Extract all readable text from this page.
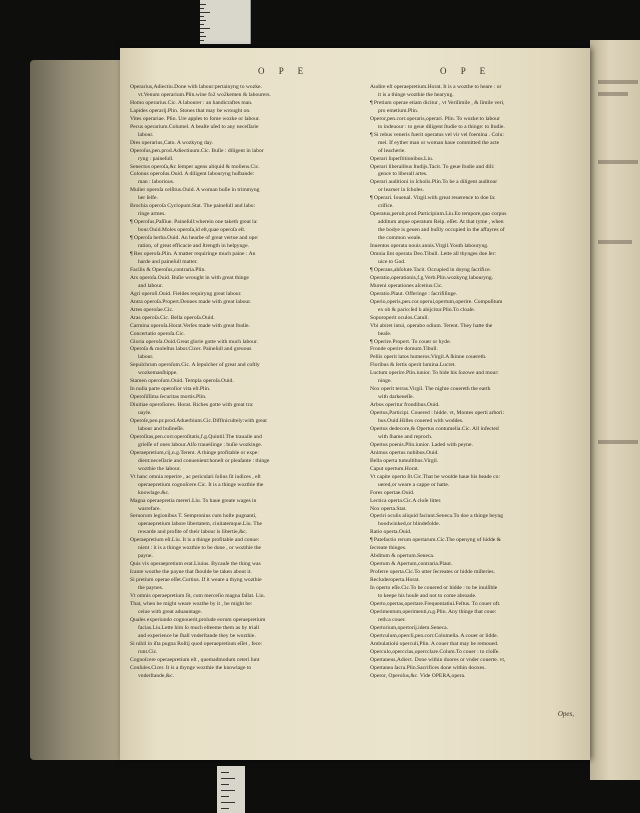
O P E	O P E

Operarius,Adiectiu.Done with labour:pertainyng to wozke.

vt.Venum operarium.Plin.wine fo2 wo2kemen & labourers.

Homo operarius.Cic. A labourer : an handicraftes man.

Lapides operarij.Plin. Stones that may be wrought on.

Vites operariae. Plin. Ure apples to fome wozke or labour.

Pecus operarium.Columel. A beaſte uſed to any neceſſarie

labour.

Dies operarius,Cato. A wozkyng day.

Operoſus,pen.prod.Adiectiuum.Cic. Buſie : diligent in labor

ryng : paineſull.

Senectus operoſa,&c ſemper agens aliquid & moliens.Cic.

Colonus operoſus.Ouid. A diligent labouryng huſbande:

man : laborious.

Mulier operoſa celſitus.Ouid. A woman buſie in trimmyng

her ſelfe.

Brochia operoſa Cyclopum.Stat. The paineſull and labo:

ringe armes.

¶ Operoſus,Paſſiue. Paineſull:wherein one taketh great la:

bour.Ouid.Moles operoſa,id eſt,quae operoſa eſt.

¶ Operoſa herba.Ouid. An hearbe of great vertue and ope:

ration, of great efficacie and ſtrength in helpynge.

¶ Res operoſa.Plin. A matter requiringe much paine : An

harde and paineſull matter.

Facilis & Operoſus,contraria.Plin.

Ars operoſa.Ouid. Buſie wrought in with great thinge

and labour.

Agri operoſi.Ouid. Fieldes requiryng great labour.

Antra operoſa.Propert.Dennes made with great labour.

Artes operoſae.Cic.

Aras operoſa.Cic. Bella operoſa.Ouid.

Carmina operoſa.Horat.Verſes made with great ſtudie.

Concertatio operoſa.Cic.

Gloria operoſa.Ouid.Great glorie gotte with much labour.

Operoſa & moleſtus labor.Cicer. Paineſull and greuous

labour.

Sepulchrum operoſum.Cic. A ſepulcher of great and coſtly

wozkemanſhippe.

Stamen operoſum.Ouid. Templa operoſa.Ouid.

In nulla parte operoſior vita eſt.Plin.

Operoſiſſima ſecuritas mortis.Plin.

Diuitiae operoſiores. Horat. Riches gotte with great tra:

uayle.

Operoſe,pen.pr.prod.Aduerbium.Cic.Diffinicultely:with great

labour and buſineſſe.

Operoſitas,pen.corr.operoſitatis,f.g.Quintil.The trauaile and

grieſſe of ones labour.Alſo traueilinge : buſie wozkinge.

Operaepretium,cij,n.g.Terent. A thinge profitable or expe:

dient:neceſſarie and conuenient:honeſt or pleaſante : thinge

wozthie the labour.

Vt hanc omnia reperire , ac periculari ſolius ſit iudices , eſt

operaepretium cognoſcere.Cic. It is a thinge wozthie the

knowlage.&c.

Magna operaepretia mereri.Liu. To haue greate wages in

warrefare.

Seruorum legionibus T. Sempronius cum hoſte pugnanti,

operaepretium labore libertatem, ciuitatemque.Liu. The

rewarde and profite of their labour is libertie,&c.

Operaepretium eſt.Liu. It is a thinge profitable and conue:

nient : it is a thinge wozthie to be done , or wozthie the

payne.

Quis vix operaepretium erat.Liuius. Bycauſe the thing was

ſcante wozthe the payne that ſhoulde be taken about it.

Si pretium operae eſſet.Curtius. If it weare a thyng wozthie

the paynes.

Vt omnis operaepretium ſit, cum merceſio magna fallat. Liu.

That, when he might weare wozthe by it , he might be:

ceiue with great aduauntage.

Quales experiundo cognouerit,prolude eorum operaepretium

facias.Liu.Lette him ſo much eſteeme them as by triall

and experience he ſhall vnderſtande they be wozthie.

Si nihil in iſta pugna Roſtij quod operaepretium eſſet , fece:

runt.Cic.

Cognoſcere operaepretium eſt , quemadmodum ceteri ſunt

Conſules.Cicer. It is a thynge wozthie the knowlage to

vnderſtande,&c.

Audire eſt operaepretium.Horat. It is a wozthe to heare : or

it is a thinge wozthie the hearyng.

¶ Pretium operae etiam dicitur , vt Veriſimile , & ſimile veri,

pro emetium.Plin.

Operor,pen.corr.operaris,operari. Plin. To wozke:to labour

to indeuour : to geue diligent ſtudie to a thinge: to ſtudie.

¶ Si rebus veneris fuerit operatus vel vir vel foemina . Colu:

mel. If eyther man or woman haue committed the acte

of leacherie.

Operari ſuperſtitionibus.Liu.

Operari liberalibus ſtudijs.Tacit. To geue ſtudie and dili:

gence to liberall artes.

Operari auditioni in ſcholis.Plin.To be a diligent auditour

or learner in ſcholes.

¶ Operari. Iouenal. Virgil.with great reuerence to doe ſa:

crifice.

Operatus,perult.prod.Participium.Liu.Eo tempore,quo corpus

additum atque operatum Reip. eſſet. At that tyme , when

the bodye is geuen and buſily occupied in the affayres of

the common weale.

Inuentus operata nouis annis.Virgil.Youth labouryng.

Omnia ſint operata Deo.Tibull. Lette all thynges doe ſer:

uice to God.

¶ Operans,abſolute.Tacit. Occupied in doyng ſacrifice.

Operatio,operationis,f.g.Verb.Plin.wozkyng labouryng.

Mureni operationes aſcetius.Cic.

Operatio.Plaut. Offeringe : ſacrifiſinge.

Operio,operis,pen.cor.operui,opertum,operire. Compoſitum

ex ob & pario:ſed h abijcitur.Plin.To cloaſe.

Soporoperit oculos.Catull.

Vbi abiret intui, operabo odium. Terent. They hatte the

beaſe.

¶ Operire.Propert. To couer or hyde.

Fronde operire domum.Tibull.

Pellis operit latos humeros.Virgil.A ſkinne couereth.

Floribus & ſertis operit lumina.Lucret.

Luctum operire.Plin.iunior. To hide his ſozowe and mour:

ninge.

Nox operit terras.Virgil. The nighte couereth the earth

with darkeneſſe.

Arbos operitur frondibus.Ouid.

Opertus,Participi. Couered : hidde. vt, Montes operti arbori:

bus.Ouid.Hilles couered with woddes.

Opertus dedecore,& Opertus contumelia.Cic. All infected

with ſhame and reproch.

Opertus poenis.Plin.iunior. Laded with peyne.

Animus opertus nubibus.Ouid.

Bella operta tumultibus.Virgil.

Caput opertum.Horat.

Vt capite operto ſit.Cic.That he woulde haue his heade co:

uered,or weare a cappe or hatte.

Fores opertae.Ouid.

Lectica operta.Cic.A cloſe litter.

Nox operta.Stat.

Operiri oculis aliquid faciunt.Seneca.To doe a thinge beyng

hoodwinked,or blindefolde.

Ratio operta.Ouid.

¶ Patefactio rerum opertarum.Cic.The openyng of hidde &

ſecreate thinges.

Abditum & opertum.Seneca.

Opertum & Apertum,contraria.Plaut.

Proferre operta.Cic.To utter ſecreates or hidde miſteries.

Recluderoperta.Horat.

In operto eſſe.Cic.To be couered or hidde : to be inuiſible

to keepe his houſe and not to come abroade.

Operto,opertas,opertare.Frequentatiui.Feſtus. To couer oft.

Operimentum,operimenti,n.g.Plin. Any thinge that coue:

reth:a couer.

Opertorium,opertorij.idem.Seneca.

Opertculum,opercli,pen.corr.Columella. A couer or lidde.

Ambulatiolú operculi,Plin. A couer that may be remoued.

Operculo,opercclas,opercclare.Colum.To couer : to cloſſe.

Opertaneus,Adiect. Done within doores or vnder couerte. vt,

Opertanea ſacra.Plin.Sacrifices done within dooxes.

Operor, Operoſus,&c. Vide OPERA,opera.

Opes,
